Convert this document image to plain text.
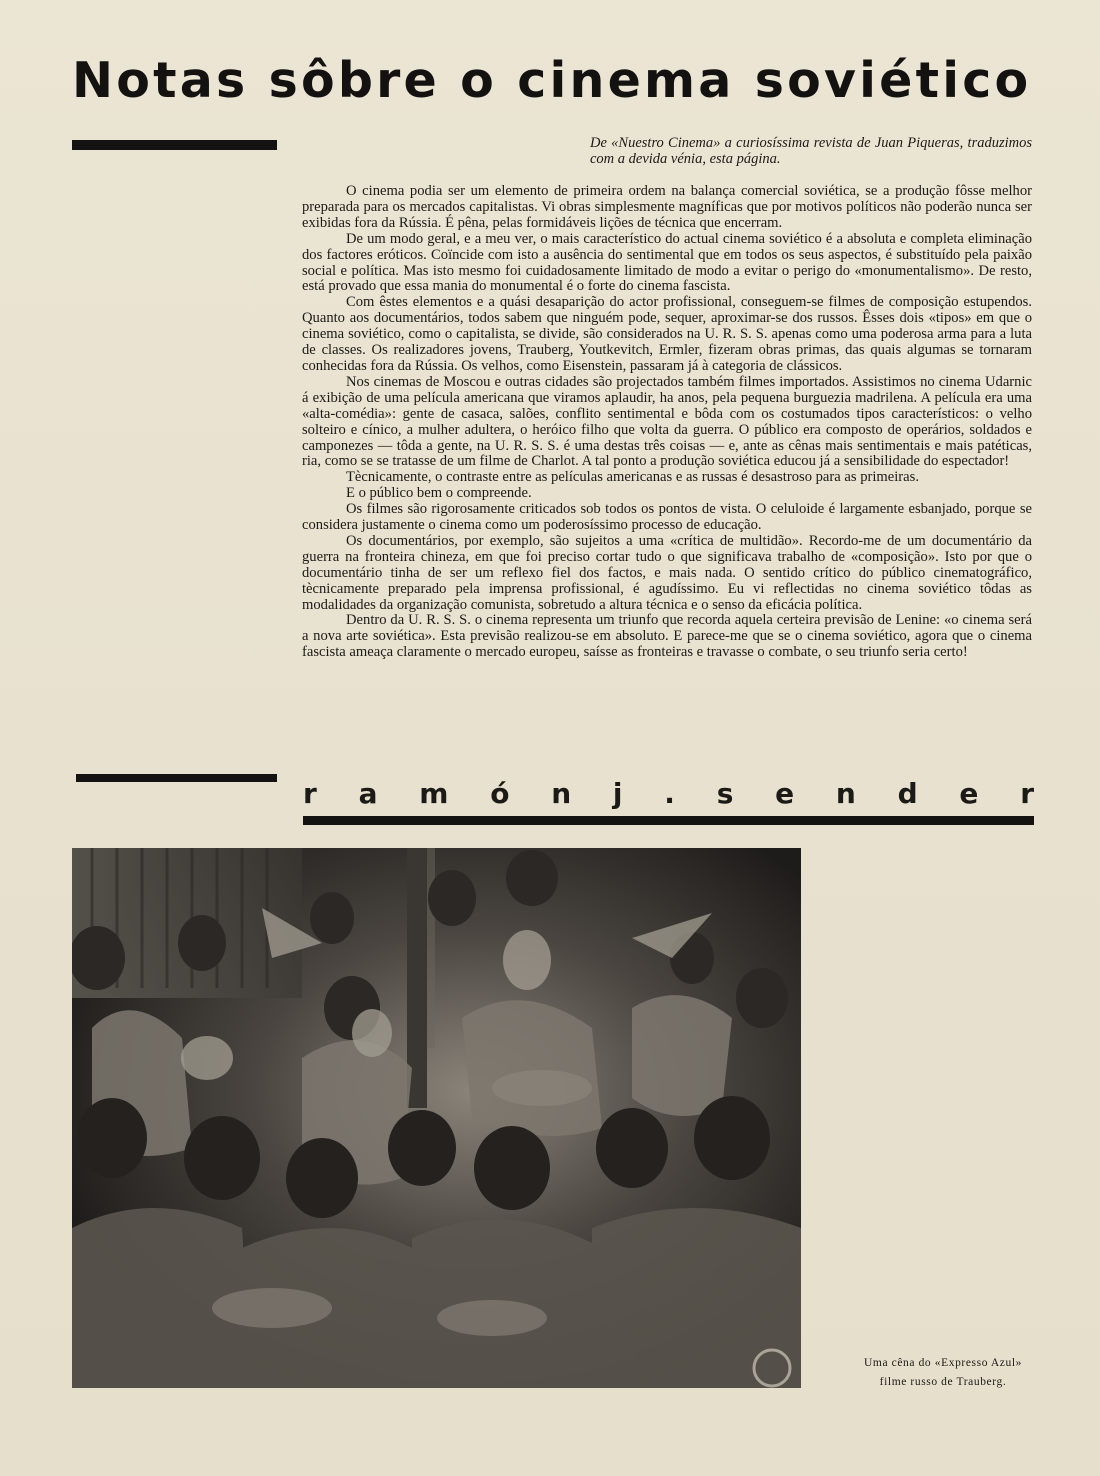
Notas sôbre o cinema soviético

De «Nuestro Cinema» a curiosíssima revista de Juan Piqueras, traduzimos com a devida vénia, esta página.

O cinema podia ser um elemento de primeira ordem na balança comercial soviética, se a produção fôsse melhor preparada para os mercados capitalistas. Vi obras simplesmente magníficas que por motivos políticos não poderão nunca ser exibidas fora da Rússia. É pêna, pelas formidáveis lições de técnica que encerram.

De um modo geral, e a meu ver, o mais característico do actual cinema soviético é a absoluta e completa eliminação dos factores eróticos. Coïncide com isto a ausência do sentimental que em todos os seus aspectos, é substituído pela paixão social e política. Mas isto mesmo foi cuidadosamente limitado de modo a evitar o perigo do «monumentalismo». De resto, está provado que essa mania do monumental é o forte do cinema fascista.

Com êstes elementos e a quási desaparição do actor profissional, conseguem-se filmes de composição estupendos. Quanto aos documentários, todos sabem que ninguém pode, sequer, aproximar-se dos russos. Êsses dois «tipos» em que o cinema soviético, como o capitalista, se divide, são considerados na U. R. S. S. apenas como uma poderosa arma para a luta de classes. Os realizadores jovens, Trauberg, Youtkevitch, Ermler, fizeram obras primas, das quais algumas se tornaram conhecidas fora da Rússia. Os velhos, como Eisenstein, passaram já à categoria de clássicos.

Nos cinemas de Moscou e outras cidades são projectados também filmes importados. Assistimos no cinema Udarnic á exibição de uma película americana que viramos aplaudir, ha anos, pela pequena burguezia madrilena. A película era uma «alta-comédia»: gente de casaca, salões, conflito sentimental e bôda com os costumados tipos característicos: o velho solteiro e cínico, a mulher adultera, o heróico filho que volta da guerra. O público era composto de operários, soldados e camponezes — tôda a gente, na U. R. S. S. é uma destas três coisas — e, ante as cênas mais sentimentais e mais patéticas, ria, como se se tratasse de um filme de Charlot. A tal ponto a produção soviética educou já a sensibilidade do espectador!

Tècnicamente, o contraste entre as películas americanas e as russas é desastroso para as primeiras.

E o público bem o compreende.

Os filmes são rigorosamente criticados sob todos os pontos de vista. O celuloide é largamente esbanjado, porque se considera justamente o cinema como um poderosíssimo processo de educação.

Os documentários, por exemplo, são sujeitos a uma «crítica de multidão». Recordo-me de um documentário da guerra na fronteira chineza, em que foi preciso cortar tudo o que significava trabalho de «composição». Isto por que o documentário tinha de ser um reflexo fiel dos factos, e mais nada. O sentido crítico do público cinematográfico, tècnicamente preparado pela imprensa profissional, é agudíssimo. Eu vi reflectidas no cinema soviético tôdas as modalidades da organização comunista, sobretudo a altura técnica e o senso da eficácia política.

Dentro da U. R. S. S. o cinema representa um triunfo que recorda aquela certeira previsão de Lenine: «o cinema será a nova arte soviética». Esta previsão realizou-se em absoluto. E parece-me que se o cinema soviético, agora que o cinema fascista ameaça claramente o mercado europeu, saísse as fronteiras e travasse o combate, o seu triunfo seria certo!

r a m ó n j . s e n d e r
Uma cêna do «Expresso Azul»
filme russo de Trauberg.
